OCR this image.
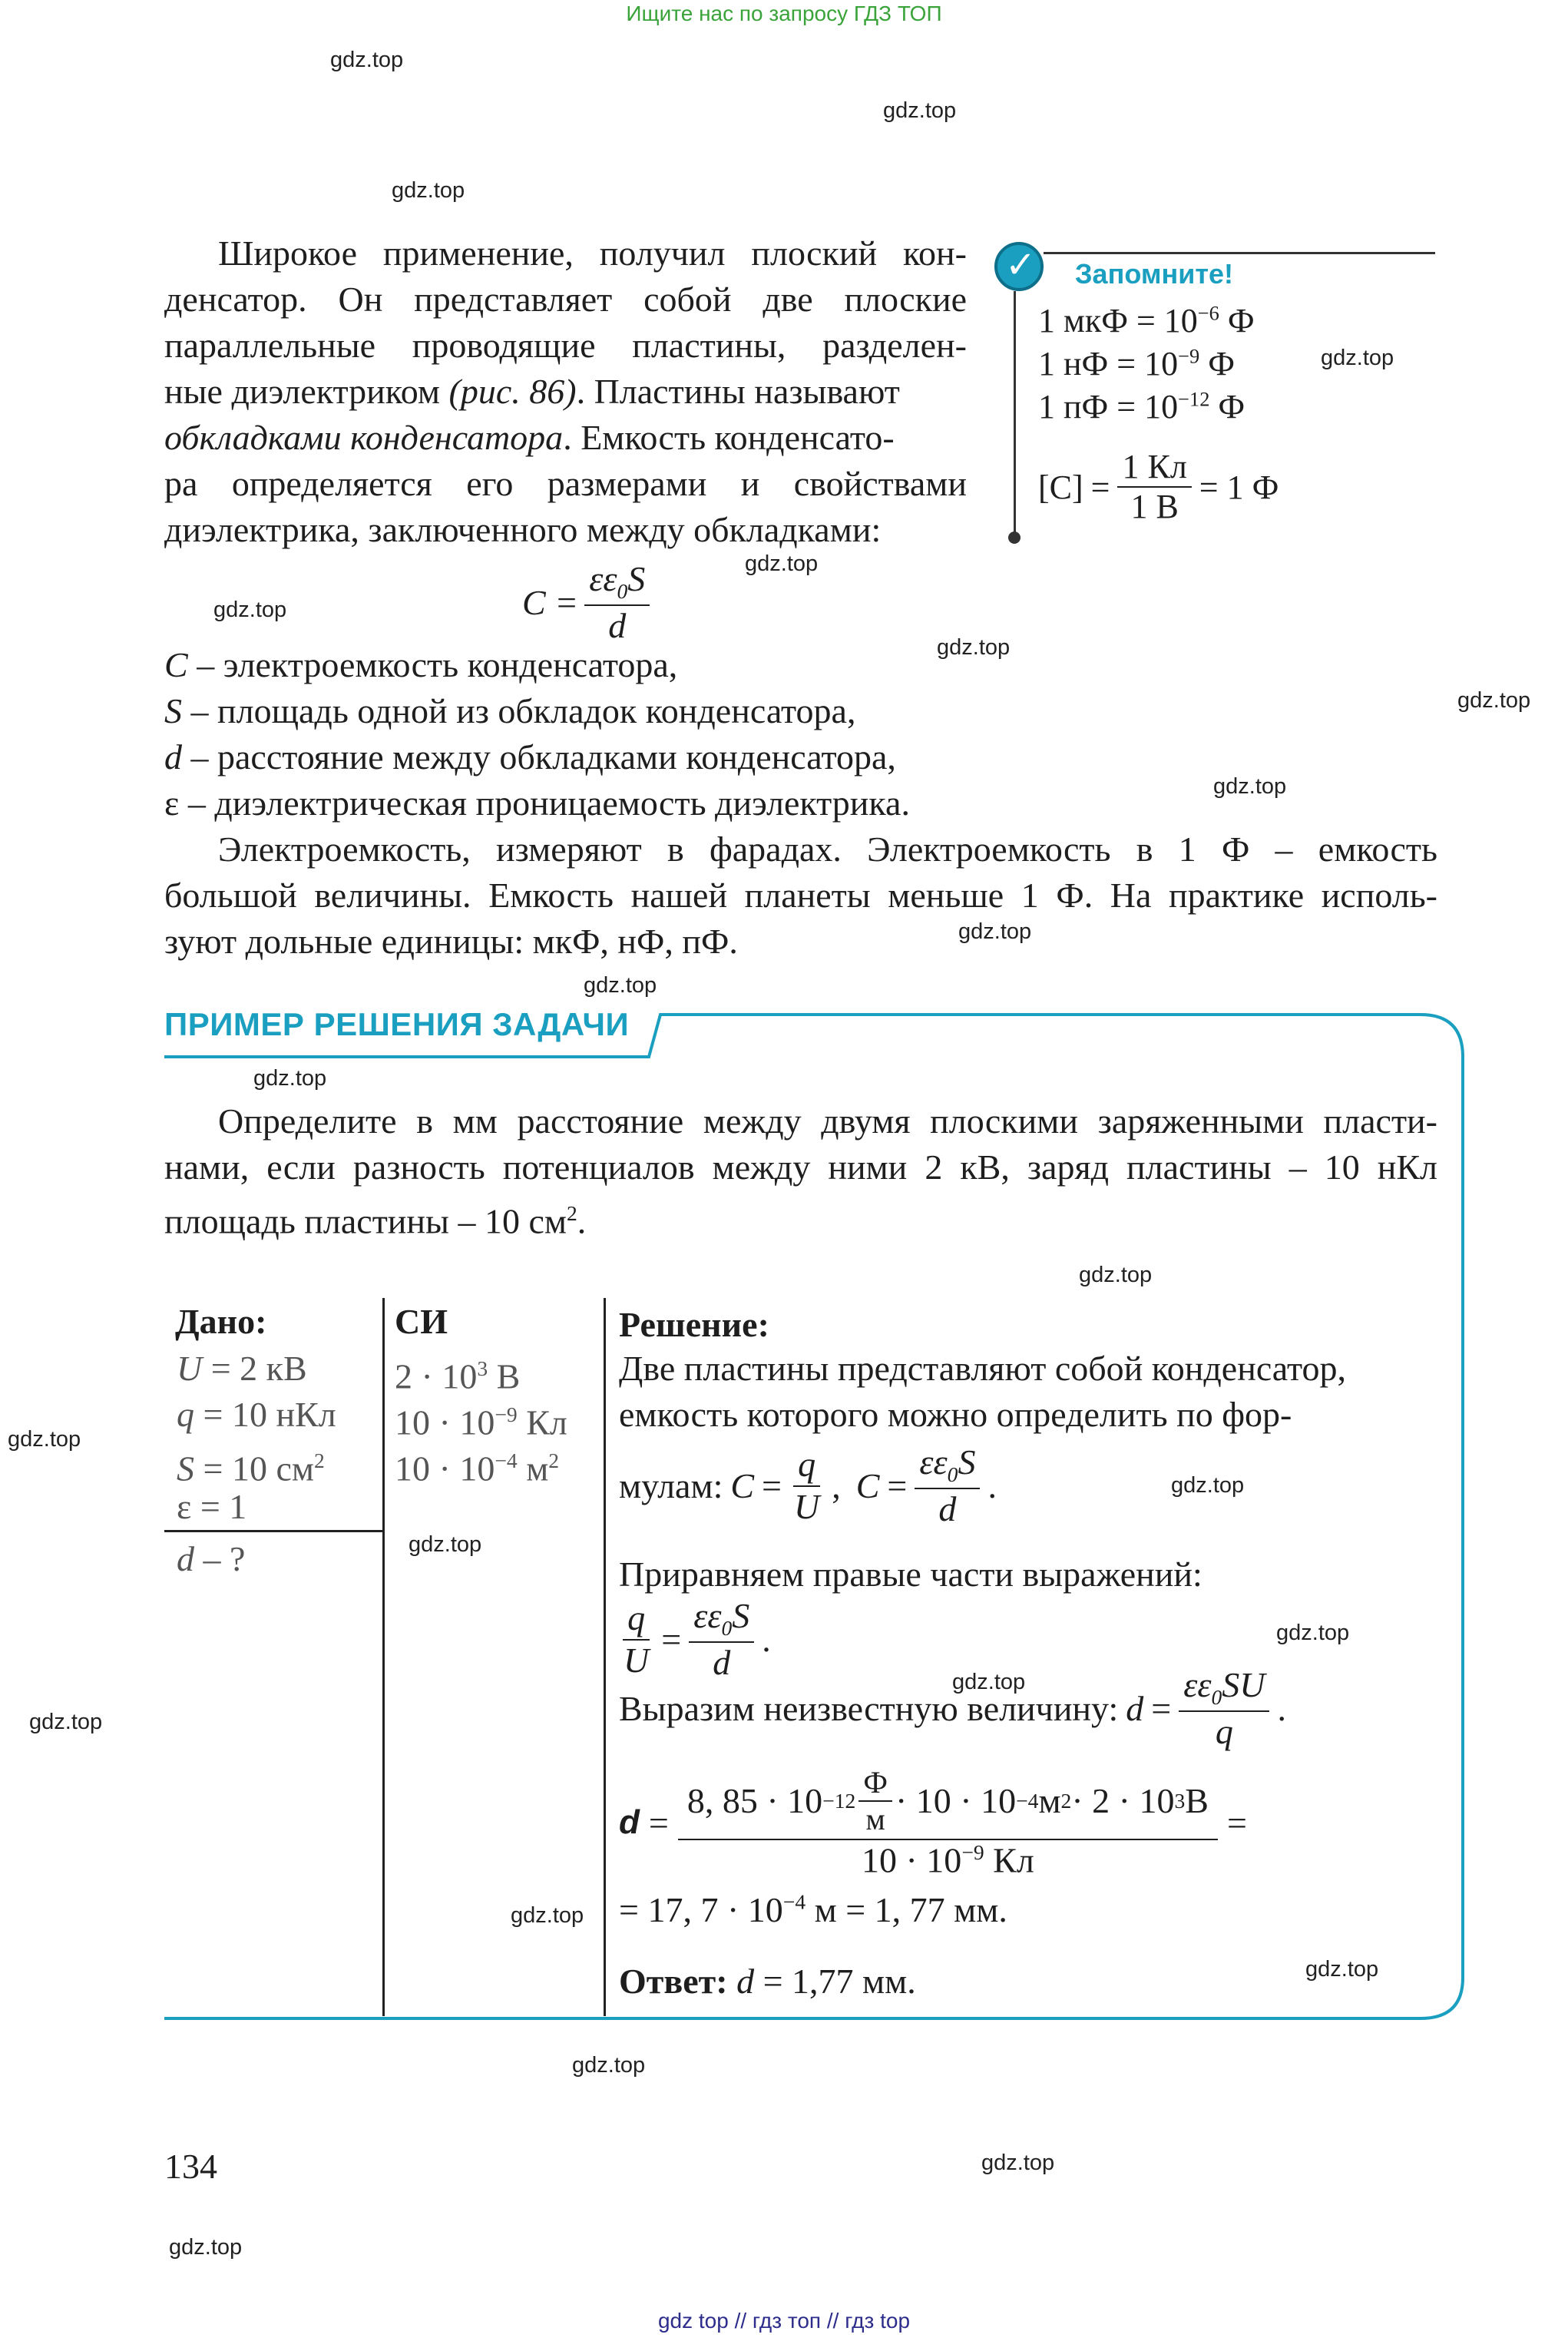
Ищите нас по запросу ГДЗ ТОП
gdz.top
gdz.top
gdz.top
gdz.top
gdz.top
gdz.top
gdz.top
gdz.top
gdz.top
gdz.top
gdz.top
gdz.top
gdz.top
gdz.top
gdz.top
gdz.top
gdz.top
gdz.top
gdz.top
gdz.top
gdz.top
gdz.top
gdz.top
gdz.top
Широкое применение, получил плоский кон-
денсатор. Он представляет собой две плоские
параллельные проводящие пластины, разделен-
ные диэлектриком (рис. 86). Пластины называют
обкладками конденсатора. Емкость конденсато-
ра определяется его размерами и свойствами
диэлектрика, заключенного между обкладками:
✓ Запомните!
1 мкФ = $10^{-6}$ Ф
1 нФ = $10^{-9}$ Ф
1 пФ = $10^{-12}$ Ф
$[C] = \frac{1 Кл}{1 В} = 1$ Ф
$C = \frac{\varepsilon\varepsilon_0S}{d}$
C – электроемкость конденсатора,
S – площадь одной из обкладок конденсатора,
d – расстояние между обкладками конденсатора,
ε – диэлектрическая проницаемость диэлектрика.
Электроемкость, измеряют в фарадах. Электроемкость в 1 Ф – емкость
большой величины. Емкость нашей планеты меньше 1 Ф. На практике исполь-
зуют дольные единицы: мкФ, нФ, пФ.
ПРИМЕР РЕШЕНИЯ ЗАДАЧИ
Определите в мм расстояние между двумя плоскими заряженными пласти-
нами, если разность потенциалов между ними 2 кВ, заряд пластины – 10 нКл
площадь пластины – 10 $см^2$.
Дано:	СИ	Решение:
U = 2 кВ
q = 10 нКл
S = 10 $см^2$
ε = 1
d – ?
$2 \cdot 10^3$ В
$10 \cdot 10^{-9}$ Кл
$10 \cdot 10^{-4}$ $м^2$
Две пластины представляют собой конденсатор,
емкость которого можно определить по фор-
мулам: $C = \frac{q}{U}$ , $C = \frac{\varepsilon\varepsilon_0S}{d}$ .
Приравняем правые части выражений:
$\frac{q}{U} = \frac{\varepsilon\varepsilon_0S}{d}$ .
Выразим неизвестную величину: $d = \frac{\varepsilon\varepsilon_0SU}{q}$ .
d =
8, $85 \cdot 10 -12 \frac{Ф}{м} \cdot 10 \cdot 10 -4$ м 2 · 2 · 10 3 В
$10 \cdot 10^{-9}$ Кл
=
= 17, $7 \cdot 10^{-4}$ м = 1, 77 мм.
Ответ: d = 1,77 мм.
134
gdz top // гдз топ // гдз top
